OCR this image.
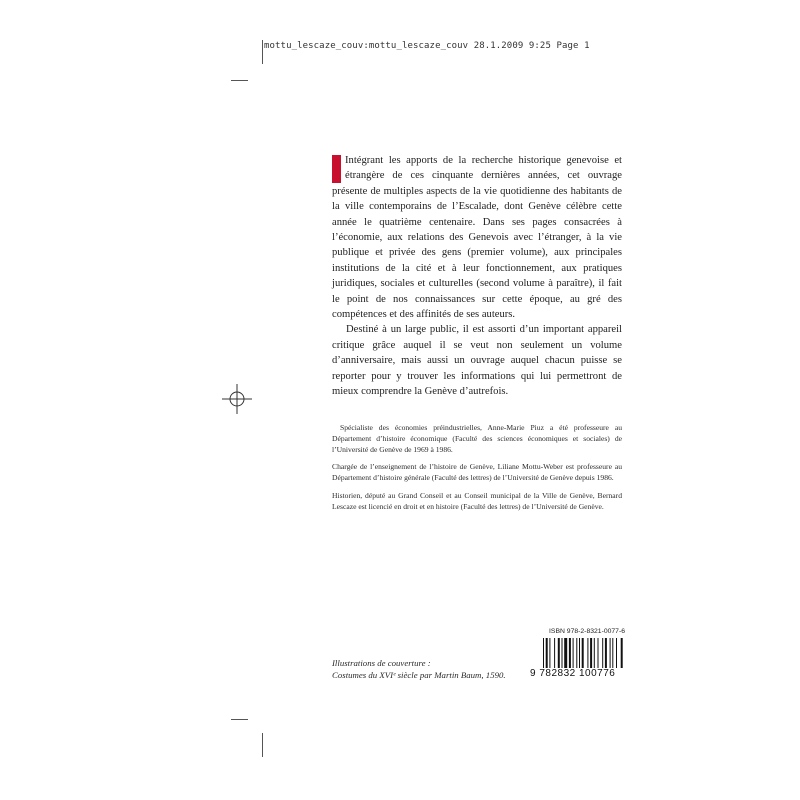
mottu_lescaze_couv:mottu_lescaze_couv 28.1.2009 9:25 Page 1

Intégrant les apports de la recherche historique genevoise et étrangère de ces cinquante dernières années, cet ouvrage présente de multiples aspects de la vie quotidienne des habitants de la ville contemporains de l’Escalade, dont Genève célèbre cette année le quatrième centenaire. Dans ses pages consacrées à l’économie, aux relations des Genevois avec l’étranger, à la vie publique et privée des gens (premier volume), aux principales institutions de la cité et à leur fonctionnement, aux pratiques juridiques, sociales et culturelles (second volume à paraître), il fait le point de nos connaissances sur cette époque, au gré des compétences et des affinités de ses auteurs.

Destiné à un large public, il est assorti d’un important appareil critique grâce auquel il se veut non seulement un volume d’anniversaire, mais aussi un ouvrage auquel chacun puisse se reporter pour y trouver les informations qui lui permettront de mieux comprendre la Genève d’autrefois.

Spécialiste des économies préindustrielles, Anne-Marie Piuz a été professeure au Département d’histoire économique (Faculté des sciences économiques et sociales) de l’Université de Genève de 1969 à 1986.

Chargée de l’enseignement de l’histoire de Genève, Liliane Mottu-Weber est professeure au Département d’histoire générale (Faculté des lettres) de l’Université de Genève depuis 1986.

Historien, député au Grand Conseil et au Conseil municipal de la Ville de Genève, Bernard Lescaze est licencié en droit et en histoire (Faculté des lettres) de l’Université de Genève.

Illustrations de couverture :
Costumes du XVIᵉ siècle par Martin Baum, 1590.
ISBN 978-2-8321-0077-6
9 782832 100776
